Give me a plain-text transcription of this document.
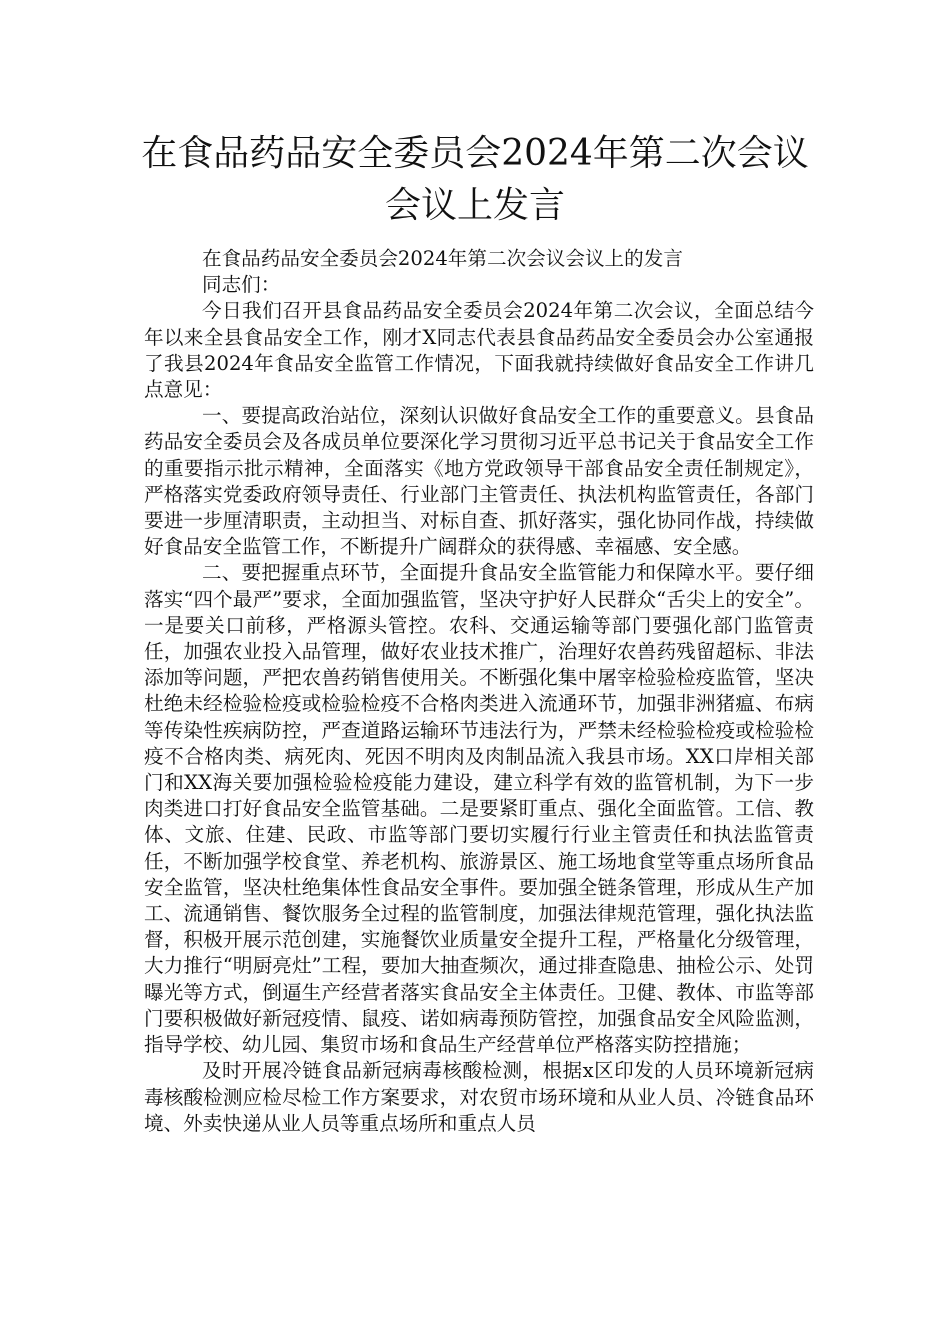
在食品药品安全委员会2024年第二次会议
会议上发言

在食品药品安全委员会2024年第二次会议会议上的发言

同志们：

今日我们召开县食品药品安全委员会2024年第二次会议，全面总结今年以来全县食品安全工作，刚才X同志代表县食品药品安全委员会办公室通报了我县2024年食品安全监管工作情况，下面我就持续做好食品安全工作讲几点意见：

一、要提高政治站位，深刻认识做好食品安全工作的重要意义。县食品药品安全委员会及各成员单位要深化学习贯彻习近平总书记关于食品安全工作的重要指示批示精神，全面落实《地方党政领导干部食品安全责任制规定》，严格落实党委政府领导责任、行业部门主管责任、执法机构监管责任，各部门要进一步厘清职责，主动担当、对标自查、抓好落实，强化协同作战，持续做好食品安全监管工作，不断提升广阔群众的获得感、幸福感、安全感。

二、要把握重点环节，全面提升食品安全监管能力和保障水平。要仔细落实“四个最严”要求，全面加强监管，坚决守护好人民群众“舌尖上的安全”。一是要关口前移，严格源头管控。农科、交通运输等部门要强化部门监管责任，加强农业投入品管理，做好农业技术推广，治理好农兽药残留超标、非法添加等问题，严把农兽药销售使用关。不断强化集中屠宰检验检疫监管，坚决杜绝未经检验检疫或检验检疫不合格肉类进入流通环节，加强非洲猪瘟、布病等传染性疾病防控，严查道路运输环节违法行为，严禁未经检验检疫或检验检疫不合格肉类、病死肉、死因不明肉及肉制品流入我县市场。XX口岸相关部门和XX海关要加强检验检疫能力建设，建立科学有效的监管机制，为下一步肉类进口打好食品安全监管基础。二是要紧盯重点、强化全面监管。工信、教体、文旅、住建、民政、市监等部门要切实履行行业主管责任和执法监管责任，不断加强学校食堂、养老机构、旅游景区、施工场地食堂等重点场所食品安全监管，坚决杜绝集体性食品安全事件。要加强全链条管理，形成从生产加工、流通销售、餐饮服务全过程的监管制度，加强法律规范管理，强化执法监督，积极开展示范创建，实施餐饮业质量安全提升工程，严格量化分级管理，大力推行“明厨亮灶”工程，要加大抽查频次，通过排查隐患、抽检公示、处罚曝光等方式，倒逼生产经营者落实食品安全主体责任。卫健、教体、市监等部门要积极做好新冠疫情、鼠疫、诺如病毒预防管控，加强食品安全风险监测，指导学校、幼儿园、集贸市场和食品生产经营单位严格落实防控措施；

及时开展冷链食品新冠病毒核酸检测，根据x区印发的人员环境新冠病毒核酸检测应检尽检工作方案要求，对农贸市场环境和从业人员、冷链食品环境、外卖快递从业人员等重点场所和重点人员
